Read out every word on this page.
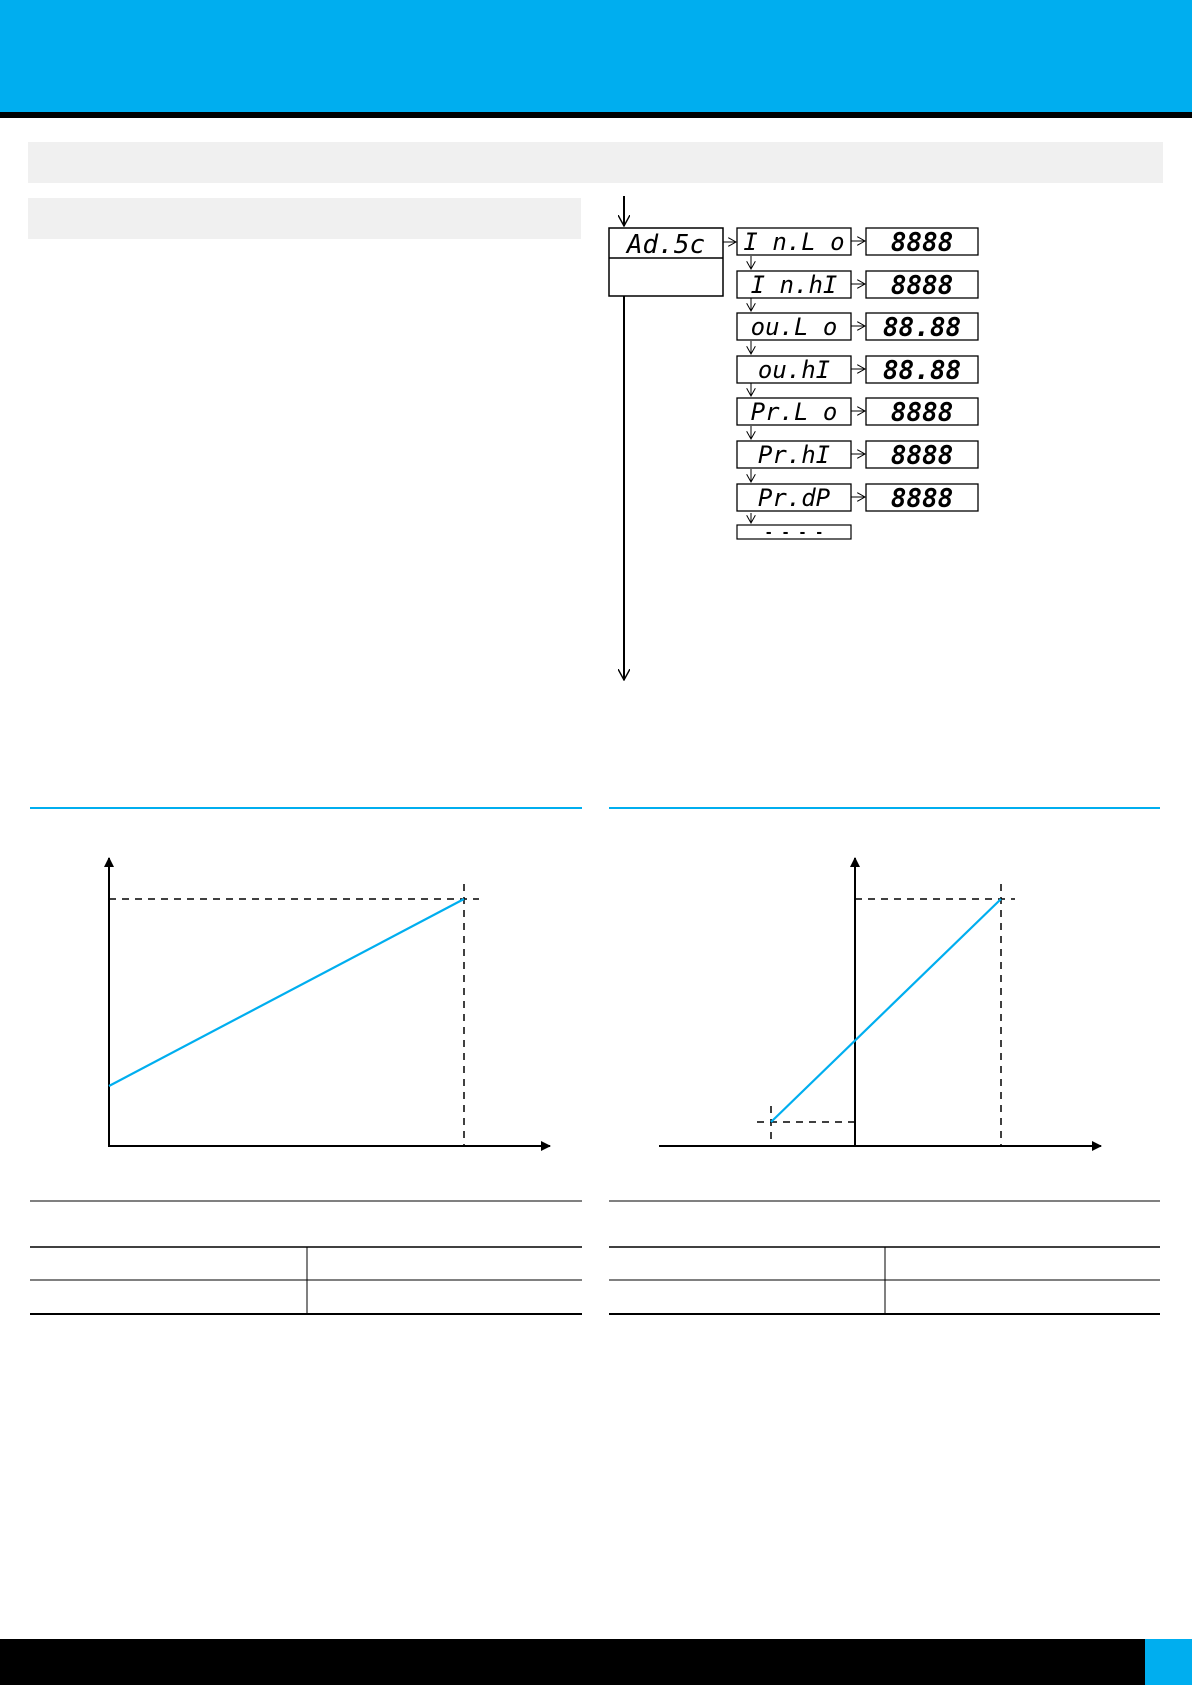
Ad.5c I n.L o 8888
I n.hI 8888
ou.L o 88.88
ou.hI 88.88
Pr.L o 8888
Pr.hI 8888
Pr.dP 8888
- - - -
